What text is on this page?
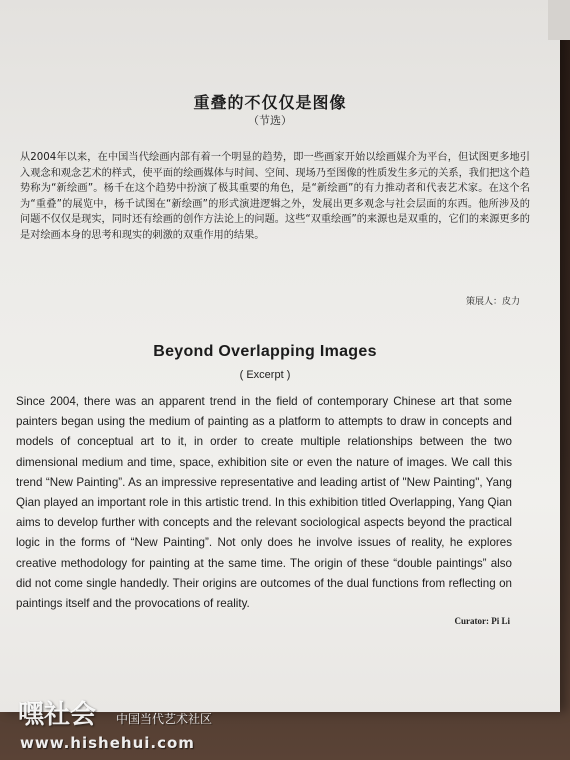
重叠的不仅仅是图像
（节选）

从2004年以来，在中国当代绘画内部有着一个明显的趋势，即一些画家开始以绘画媒介为平台，但试图更多地引入观念和观念艺术的样式，使平面的绘画媒体与时间、空间、现场乃至图像的性质发生多元的关系，我们把这个趋势称为“新绘画”。杨千在这个趋势中扮演了极其重要的角色，是“新绘画”的有力推动者和代表艺术家。在这个名为“重叠”的展览中，杨千试图在“新绘画”的形式演进逻辑之外，发展出更多观念与社会层面的东西。他所涉及的问题不仅仅是现实，同时还有绘画的创作方法论上的问题。这些“双重绘画”的来源也是双重的，它们的来源更多的是对绘画本身的思考和现实的刺激的双重作用的结果。

策展人：皮力
Beyond Overlapping Images
( Excerpt )

Since 2004, there was an apparent trend in the field of contemporary Chinese art that some painters began using the medium of painting as a platform to attempts to draw in concepts and models of conceptual art to it, in order to create multiple relationships between the two dimensional medium and time, space, exhibition site or even the nature of images. We call this trend “New Painting”. As an impressive representative and leading artist of "New Painting", Yang Qian played an important role in this artistic trend. In this exhibition titled Overlapping, Yang Qian aims to develop further with concepts and the relevant sociological aspects beyond the practical logic in the forms of “New Painting”. Not only does he involve issues of reality, he explores creative methodology for painting at the same time. The origin of these “double paintings” also did not come single handedly. Their origins are outcomes of the dual functions from reflecting on paintings itself and the provocations of reality.

Curator: Pi Li
嘿社会 中国当代艺术社区
www.hishehui.com
